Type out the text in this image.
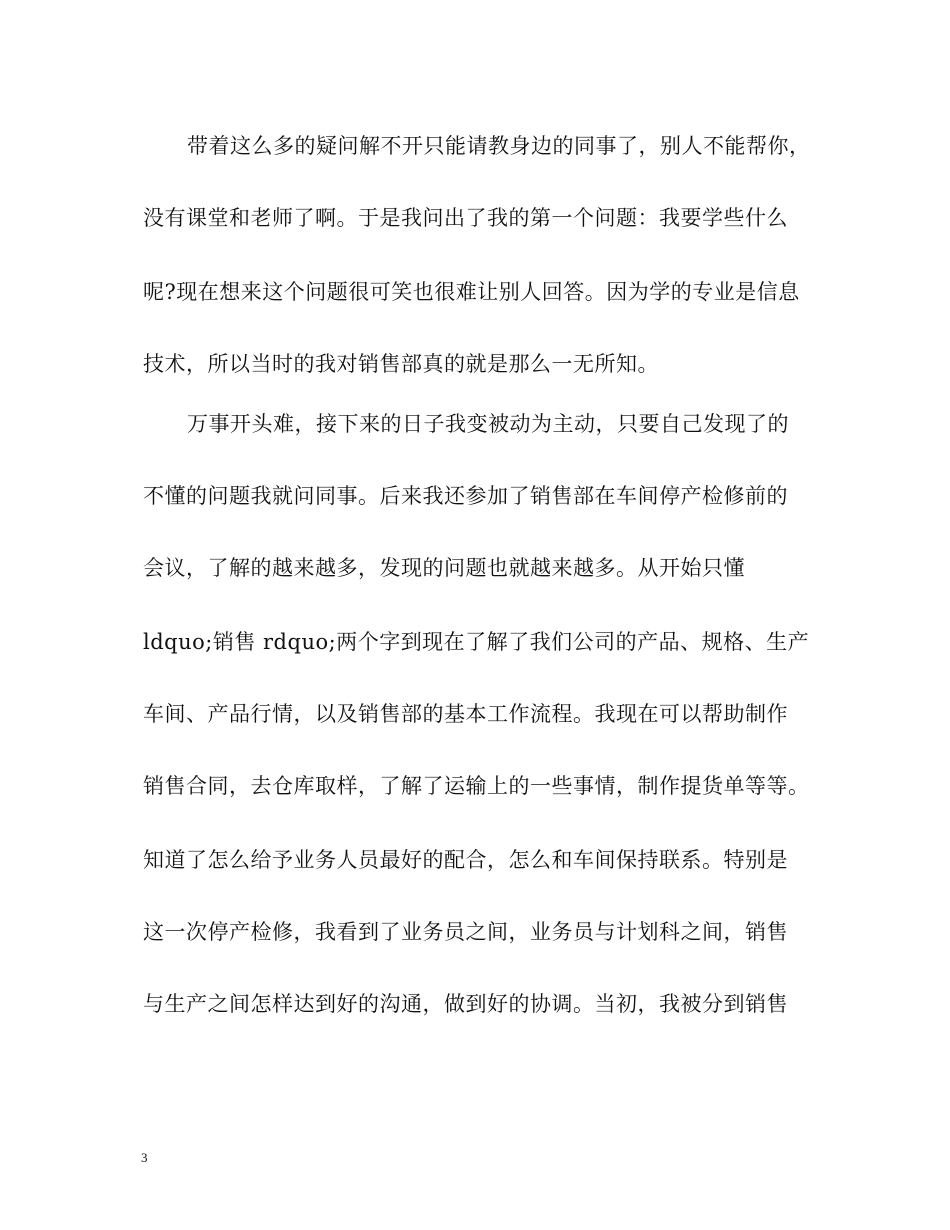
带着这么多的疑问解不开只能请教身边的同事了，别人不能帮你，
没有课堂和老师了啊。于是我问出了我的第一个问题：我要学些什么
呢?现在想来这个问题很可笑也很难让别人回答。因为学的专业是信息
技术，所以当时的我对销售部真的就是那么一无所知。
万事开头难，接下来的日子我变被动为主动，只要自己发现了的
不懂的问题我就问同事。后来我还参加了销售部在车间停产检修前的
会议，了解的越来越多，发现的问题也就越来越多。从开始只懂
ldquo;销售 rdquo;两个字到现在了解了我们公司的产品、规格、生产
车间、产品行情，以及销售部的基本工作流程。我现在可以帮助制作
销售合同，去仓库取样，了解了运输上的一些事情，制作提货单等等。
知道了怎么给予业务人员最好的配合，怎么和车间保持联系。特别是
这一次停产检修，我看到了业务员之间，业务员与计划科之间，销售
与生产之间怎样达到好的沟通，做到好的协调。当初，我被分到销售
3
